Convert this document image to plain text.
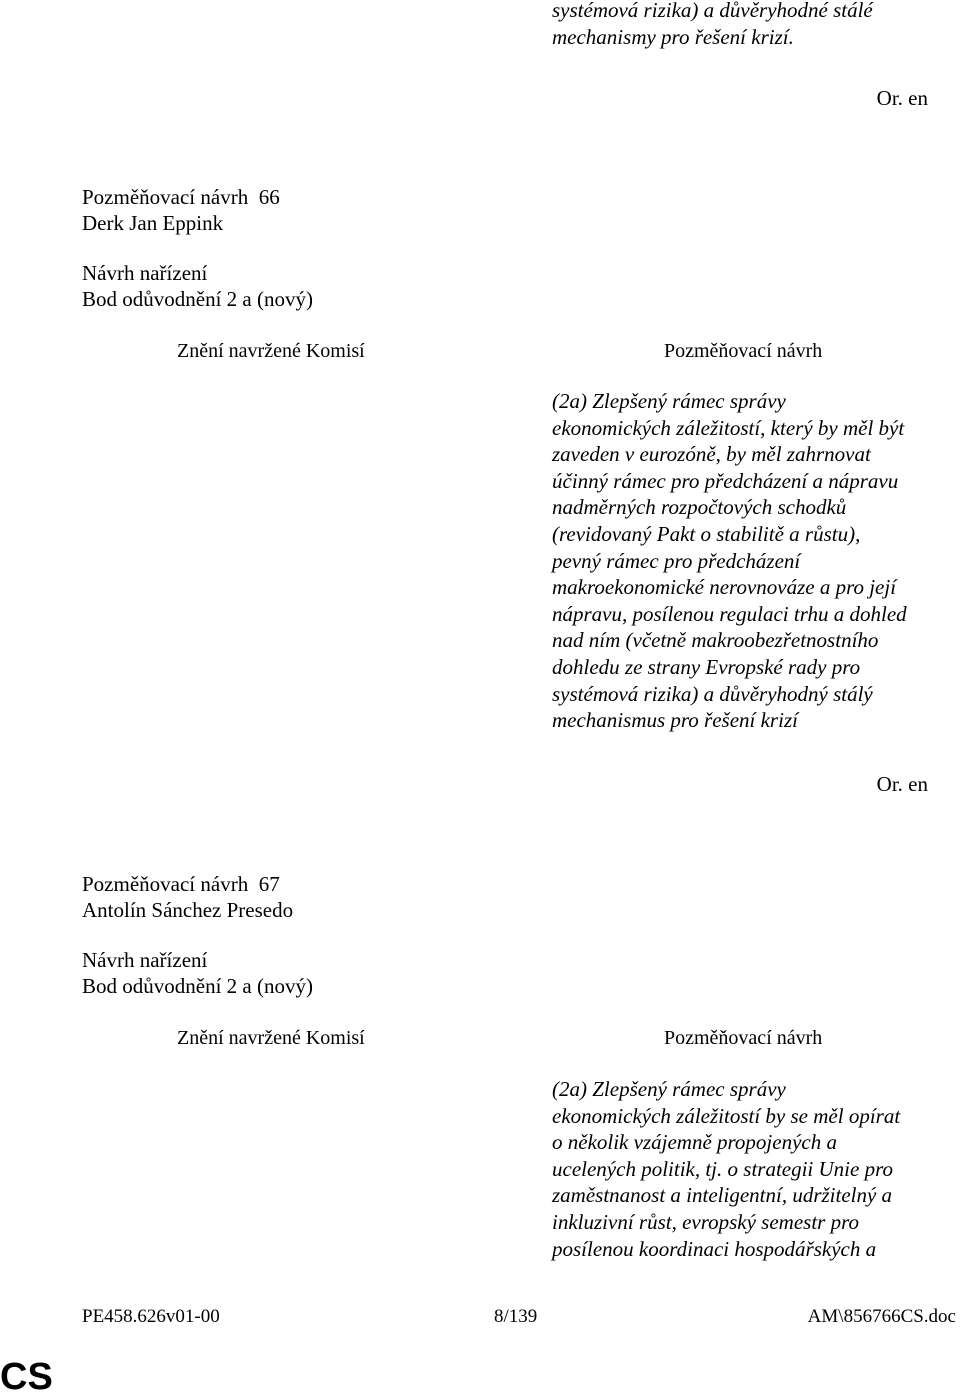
systémová rizika) a důvěryhodné stálé
mechanismy pro řešení krizí.
Or. en
Pozměňovací návrh  66
Derk Jan Eppink
Návrh nařízení
Bod odůvodnění 2 a (nový)
Znění navržené Komisí	Pozměňovací návrh
(2a) Zlepšený rámec správy
ekonomických záležitostí, který by měl být
zaveden v eurozóně, by měl zahrnovat
účinný rámec pro předcházení a nápravu
nadměrných rozpočtových schodků
(revidovaný Pakt o stabilitě a růstu),
pevný rámec pro předcházení
makroekonomické nerovnováze a pro její
nápravu, posílenou regulaci trhu a dohled
nad ním (včetně makroobezřetnostního
dohledu ze strany Evropské rady pro
systémová rizika) a důvěryhodný stálý
mechanismus pro řešení krizí
Or. en
Pozměňovací návrh  67
Antolín Sánchez Presedo
Návrh nařízení
Bod odůvodnění 2 a (nový)
Znění navržené Komisí	Pozměňovací návrh
(2a) Zlepšený rámec správy
ekonomických záležitostí by se měl opírat
o několik vzájemně propojených a
ucelených politik, tj. o strategii Unie pro
zaměstnanost a inteligentní, udržitelný a
inkluzivní růst, evropský semestr pro
posílenou koordinaci hospodářských a
PE458.626v01-00	8/139	AM\856766CS.doc
CS
